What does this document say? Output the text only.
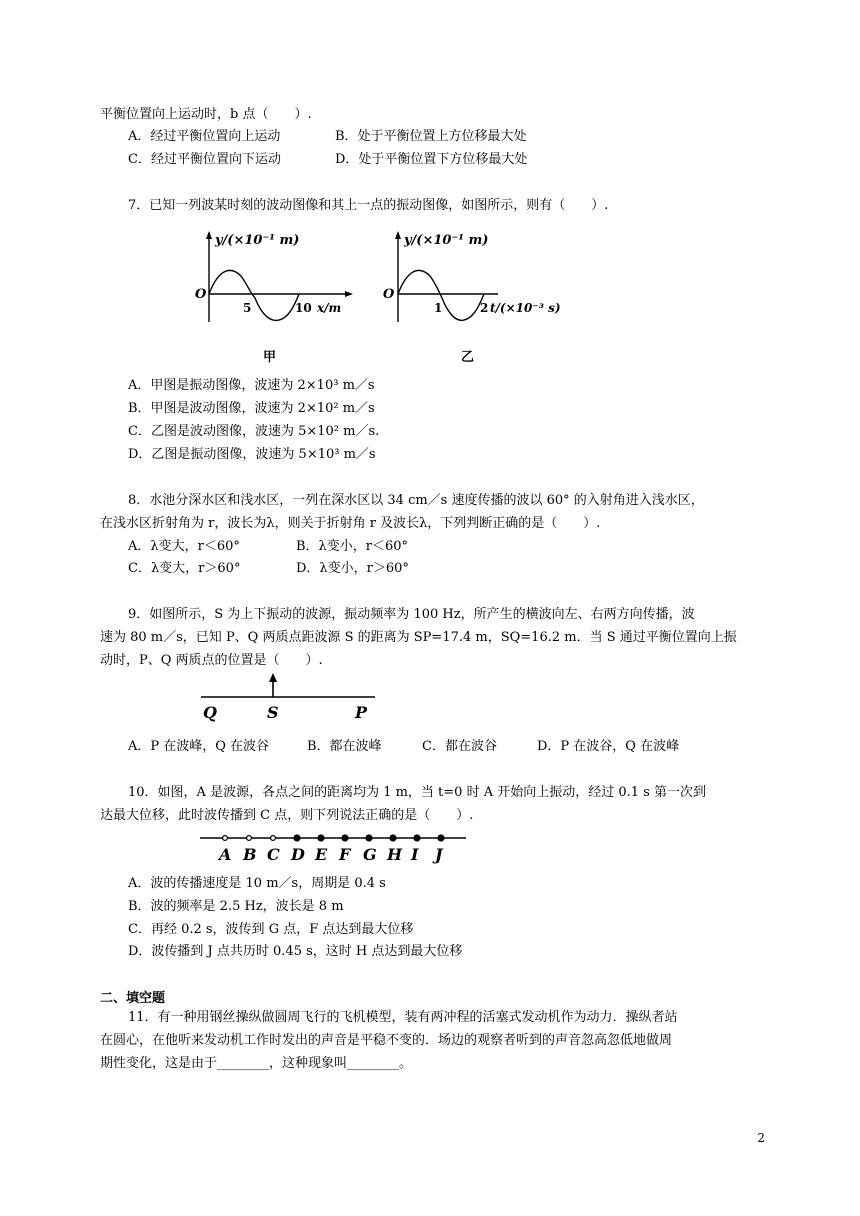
平衡位置向上运动时，b 点（　　）.
A．经过平衡位置向上运动	B．处于平衡位置上方位移最大处
C．经过平衡位置向下运动	D．处于平衡位置下方位移最大处
7．已知一列波某时刻的波动图像和其上一点的振动图像，如图所示，则有（　　）.
y/(×10⁻¹ m)
O
5	10 x/m
甲
y/(×10⁻¹ m)
O
1	2 t/(×10⁻³ s)
乙
A．甲图是振动图像，波速为 2×10³ m／s
B．甲图是波动图像，波速为 2×10² m／s
C．乙图是波动图像，波速为 5×10² m／s.
D．乙图是振动图像，波速为 5×10³ m／s
8．水池分深水区和浅水区，一列在深水区以 34 cm／s 速度传播的波以 60° 的入射角进入浅水区，
在浅水区折射角为 r，波长为λ，则关于折射角 r 及波长λ，下列判断正确的是（　　）.
A．λ变大，r＜60°	B．λ变小，r＜60°
C．λ变大，r＞60°	D．λ变小，r＞60°
9．如图所示，S 为上下振动的波源，振动频率为 100 Hz，所产生的横波向左、右两方向传播，波
速为 80 m／s，已知 P、Q 两质点距波源 S 的距离为 SP=17.4 m，SQ=16.2 m．当 S 通过平衡位置向上振
动时，P、Q 两质点的位置是（　　）.
Q	S	P
A．P 在波峰，Q 在波谷	B．都在波峰	C．都在波谷	D．P 在波谷，Q 在波峰
10．如图，A 是波源，各点之间的距离均为 1 m，当 t=0 时 A 开始向上振动，经过 0.1 s 第一次到
达最大位移，此时波传播到 C 点，则下列说法正确的是（　　）.
A B C D E F G H I J
A．波的传播速度是 10 m／s，周期是 0.4 s
B．波的频率是 2.5 Hz，波长是 8 m
C．再经 0.2 s，波传到 G 点，F 点达到最大位移
D．波传播到 J 点共历时 0.45 s，这时 H 点达到最大位移
二、填空题
11．有一种用钢丝操纵做圆周飞行的飞机模型，装有两冲程的活塞式发动机作为动力．操纵者站
在圆心，在他听来发动机工作时发出的声音是平稳不变的．场边的观察者听到的声音忽高忽低地做周
期性变化，这是由于________，这种现象叫________。
2
